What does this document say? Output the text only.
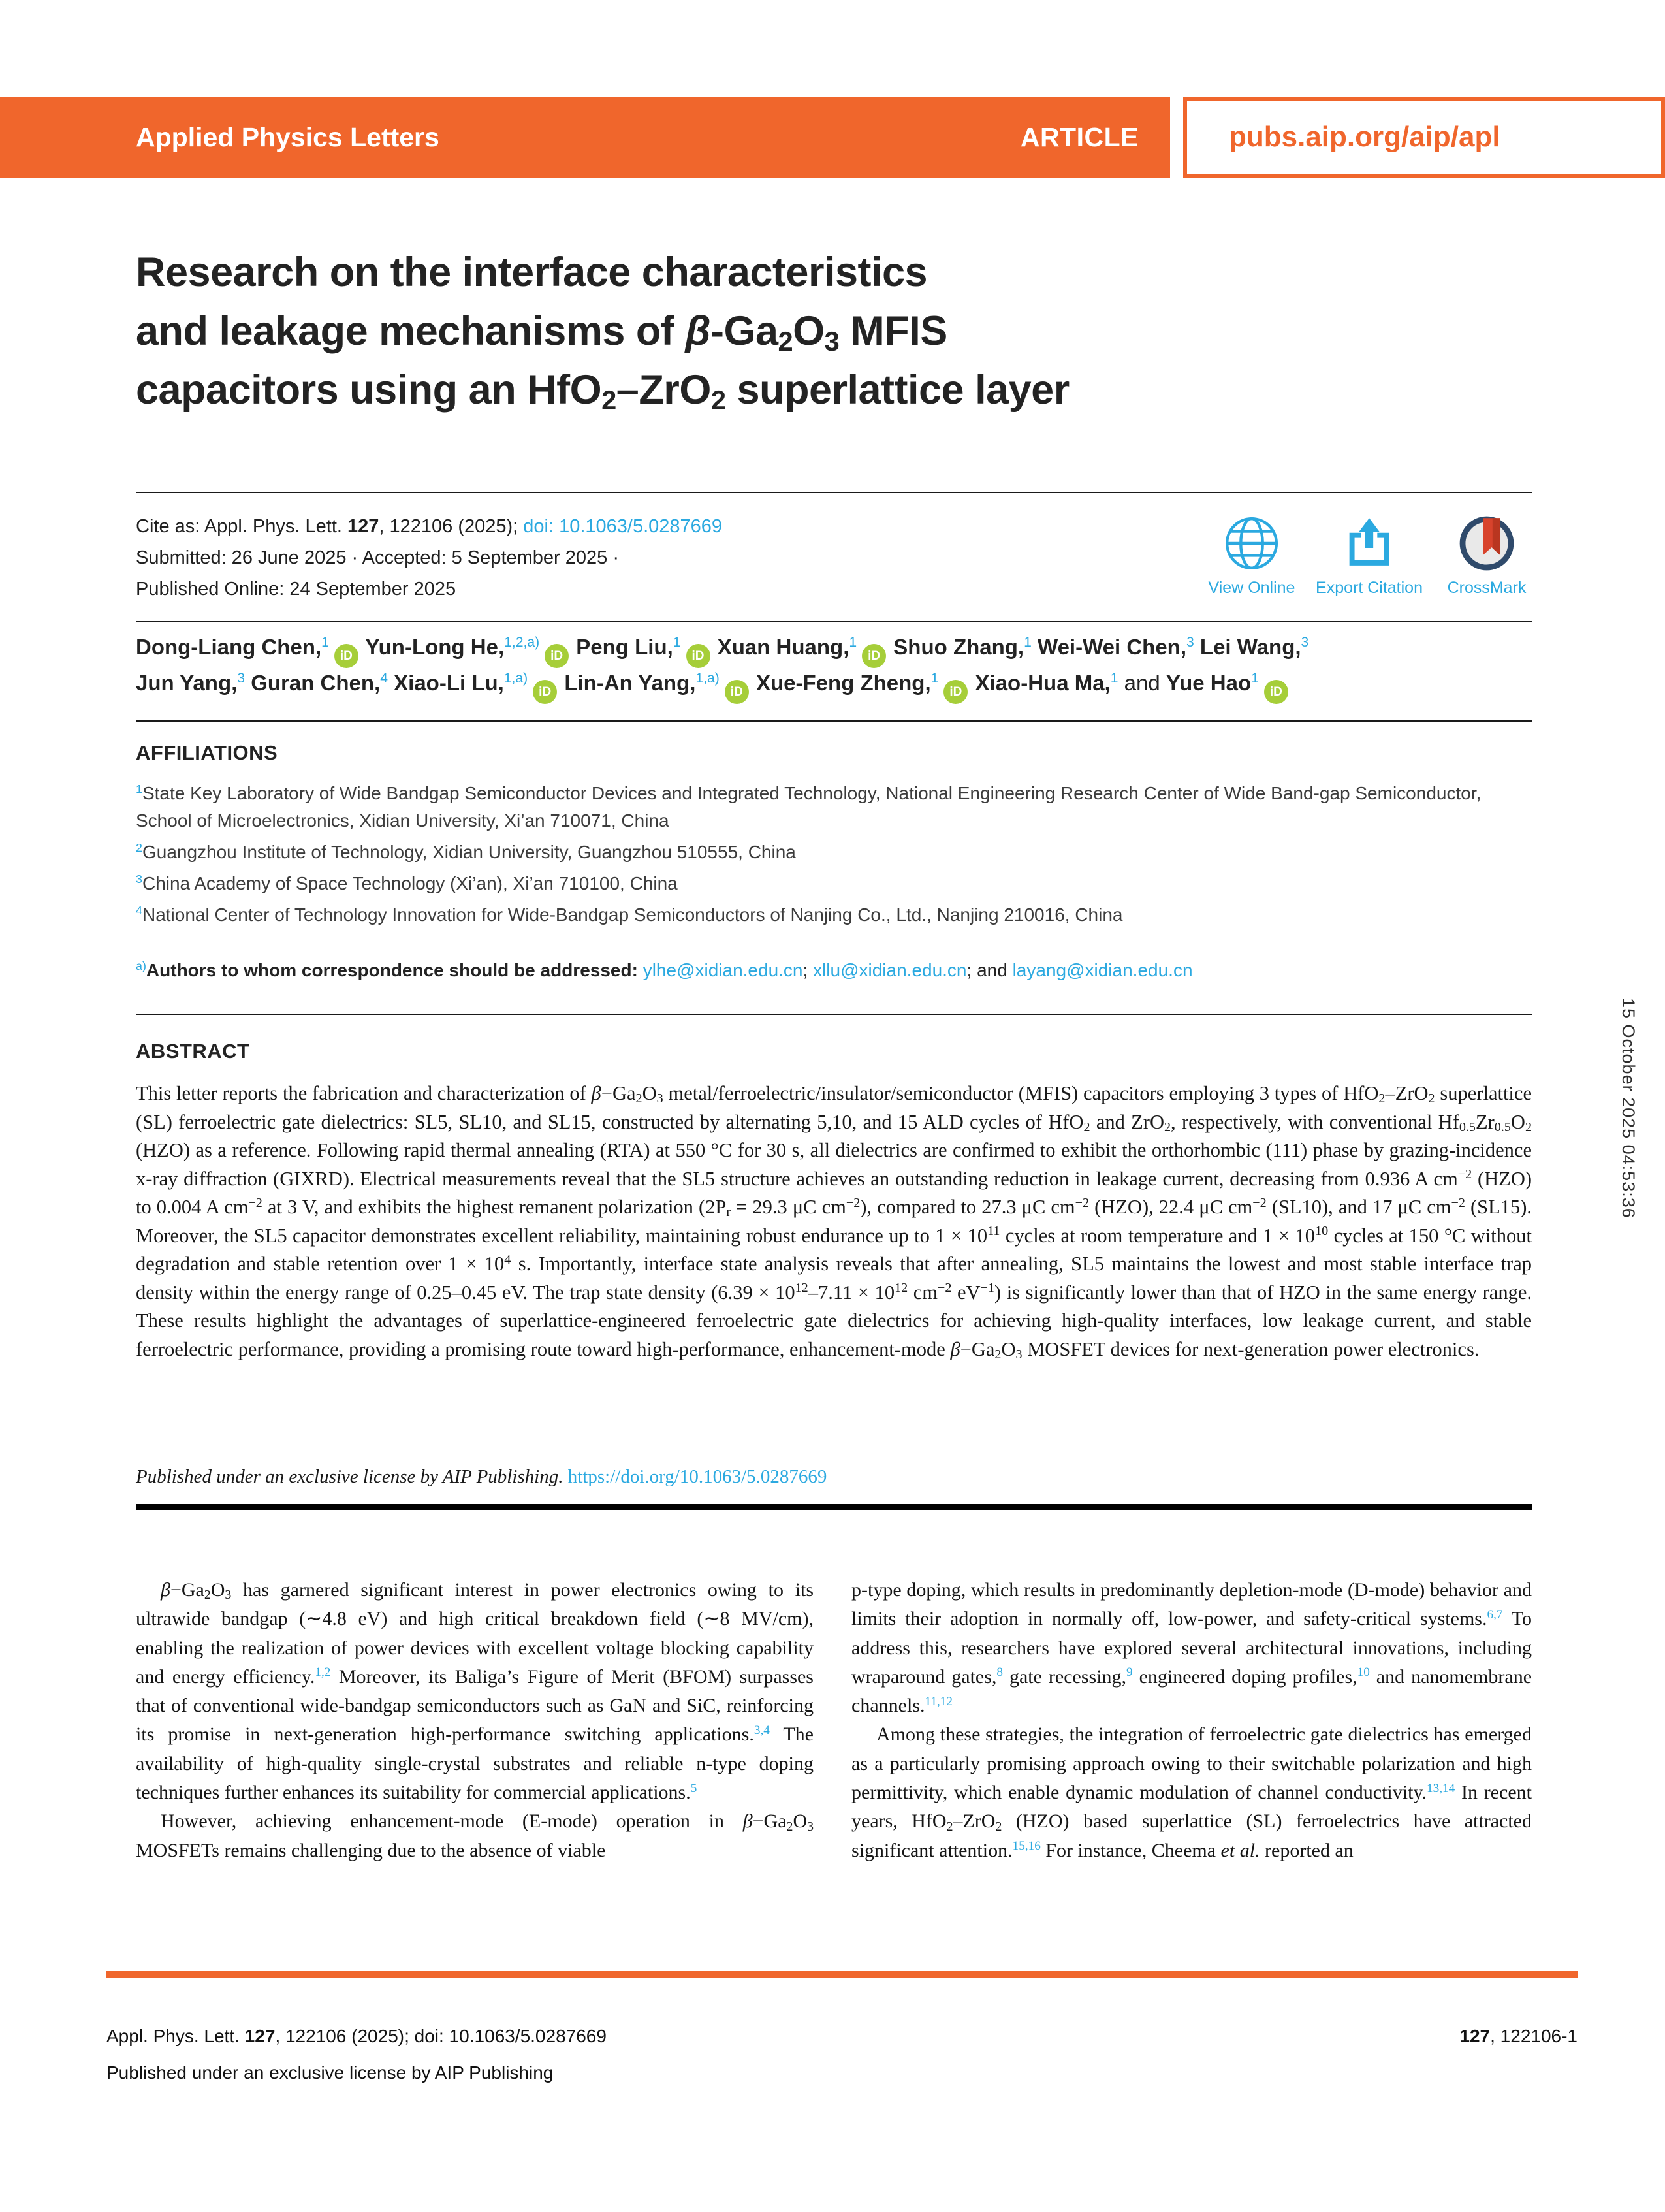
Applied Physics Letters	ARTICLE	pubs.aip.org/aip/apl
Research on the interface characteristics
and leakage mechanisms of β-Ga2O3 MFIS
capacitors using an HfO2–ZrO2 superlattice layer
Cite as: Appl. Phys. Lett. 127, 122106 (2025); doi: 10.1063/5.0287669
Submitted: 26 June 2025 · Accepted: 5 September 2025 ·
Published Online: 24 September 2025	View Online Export Citation CrossMark
Dong-Liang Chen,$^1$iD Yun-Long He,$^{1,2,a)}$iD Peng Liu,$^1$iD Xuan Huang,$^1$iD Shuo Zhang,$^1$ Wei-Wei Chen,$^3$ Lei Wang,$^3$
Jun Yang,$^3$ Guran Chen,$^4$ Xiao-Li Lu,$^{1,a)}$iD Lin-An Yang,$^{1,a)}$iD Xue-Feng Zheng,$^1$iD Xiao-Hua Ma,$^1$ and Yue Hao$^1$iD
AFFILIATIONS
$^1$State Key Laboratory of Wide Bandgap Semiconductor Devices and Integrated Technology, National Engineering Research Center of Wide Band-gap Semiconductor, School of Microelectronics, Xidian University, Xi’an 710071, China
$^2$Guangzhou Institute of Technology, Xidian University, Guangzhou 510555, China
$^3$China Academy of Space Technology (Xi’an), Xi’an 710100, China
$^4$National Center of Technology Innovation for Wide-Bandgap Semiconductors of Nanjing Co., Ltd., Nanjing 210016, China
$^{a)}$Authors to whom correspondence should be addressed: ylhe@xidian.edu.cn; xllu@xidian.edu.cn; and layang@xidian.edu.cn
ABSTRACT
This letter reports the fabrication and characterization of β−Ga2O3 metal/ferroelectric/insulator/semiconductor (MFIS) capacitors employing 3 types of HfO2–ZrO2 superlattice (SL) ferroelectric gate dielectrics: SL5, SL10, and SL15, constructed by alternating 5,10, and 15 ALD cycles of HfO2 and ZrO2, respectively, with conventional Hf0.5Zr0.5O2 (HZO) as a reference. Following rapid thermal annealing (RTA) at 550 °C for 30 s, all dielectrics are confirmed to exhibit the orthorhombic (111) phase by grazing-incidence x-ray diffraction (GIXRD). Electrical measurements reveal that the SL5 structure achieves an outstanding reduction in leakage current, decreasing from 0.936 A $cm^{-2}$ (HZO) to 0.004 A $cm^{-2}$ at 3 V, and exhibits the highest remanent polarization (2Pr = 29.3 μC $cm^{-2}$), compared to 27.3 μC $cm^{-2}$ (HZO), 22.4 μC $cm^{-2}$ (SL10), and 17 μC $cm^{-2}$ (SL15). Moreover, the SL5 capacitor demonstrates excellent reliability, maintaining robust endurance up to $1 \times 10^{11}$ cycles at room temperature and $1 \times 10^{10}$ cycles at 150 °C without degradation and stable retention over $1 \times 10^4$ s. Importantly, interface state analysis reveals that after annealing, SL5 maintains the lowest and most stable interface trap density within the energy range of 0.25–0.45 eV. The trap state density ($6.39 \times 10^{12}-7.11 \times 10^{12}$ $cm^{-2}$ $eV^{-1}$) is significantly lower than that of HZO in the same energy range. These results highlight the advantages of superlattice-engineered ferroelectric gate dielectrics for achieving high-quality interfaces, low leakage current, and stable ferroelectric performance, providing a promising route toward high-performance, enhancement-mode β−Ga2O3 MOSFET devices for next-generation power electronics.
Published under an exclusive license by AIP Publishing. https://doi.org/10.1063/5.0287669

β−Ga2O3 has garnered significant interest in power electronics owing to its ultrawide bandgap (∼4.8 eV) and high critical breakdown field (∼8 MV/cm), enabling the realization of power devices with excellent voltage blocking capability and energy efficiency.$^{1,2}$ Moreover, its Baliga’s Figure of Merit (BFOM) surpasses that of conventional wide-bandgap semiconductors such as GaN and SiC, reinforcing its promise in next-generation high-performance switching applications.$^{3,4}$ The availability of high-quality single-crystal substrates and reliable n-type doping techniques further enhances its suitability for commercial applications.$^5$

However, achieving enhancement-mode (E-mode) operation in β−Ga2O3 MOSFETs remains challenging due to the absence of viable

p-type doping, which results in predominantly depletion-mode (D-mode) behavior and limits their adoption in normally off, low-power, and safety-critical systems.$^{6,7}$ To address this, researchers have explored several architectural innovations, including wraparound gates,$^8$ gate recessing,$^9$ engineered doping profiles,$^{10}$ and nanomembrane channels.$^{11,12}$

Among these strategies, the integration of ferroelectric gate dielectrics has emerged as a particularly promising approach owing to their switchable polarization and high permittivity, which enable dynamic modulation of channel conductivity.$^{13,14}$ In recent years, HfO2–ZrO2 (HZO) based superlattice (SL) ferroelectrics have attracted significant attention.$^{15,16}$ For instance, Cheema et al. reported an

Appl. Phys. Lett. 127, 122106 (2025); doi: 10.1063/5.0287669
Published under an exclusive license by AIP Publishing
127, 122106-1
15 October 2025 04:53:36
